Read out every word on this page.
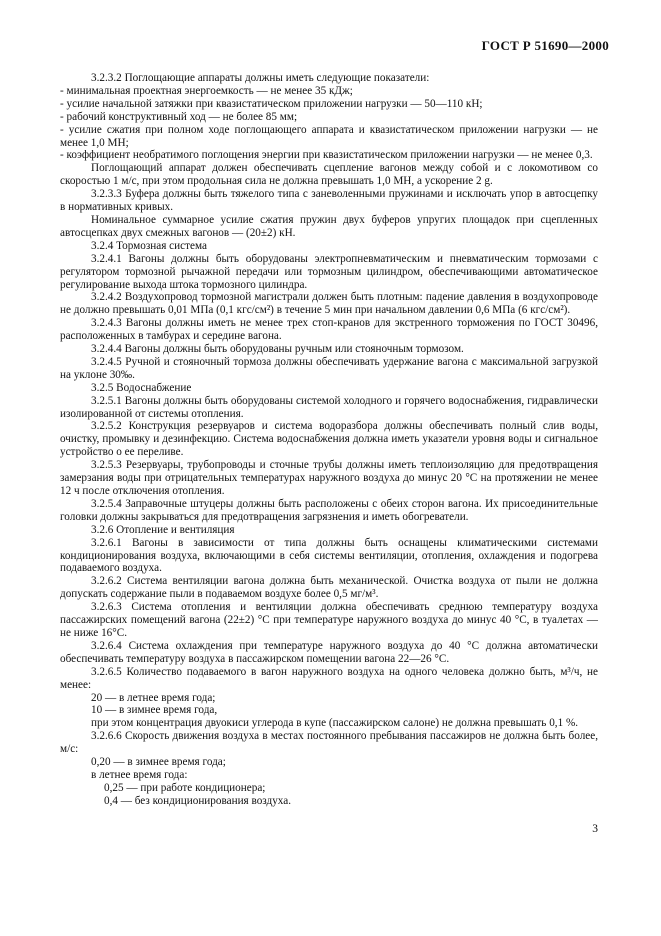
ГОСТ Р 51690—2000

3.2.3.2 Поглощающие аппараты должны иметь следующие показатели:

- минимальная проектная энергоемкость — не менее 35 кДж;

- усилие начальной затяжки при квазистатическом приложении нагрузки — 50—110 кН;

- рабочий конструктивный ход — не более 85 мм;

- усилие сжатия при полном ходе поглощающего аппарата и квазистатическом приложении нагрузки — не менее 1,0 МН;

- коэффициент необратимого поглощения энергии при квазистатическом приложении нагрузки — не менее 0,3.

Поглощающий аппарат должен обеспечивать сцепление вагонов между собой и с локомотивом со скоростью 1 м/с, при этом продольная сила не должна превышать 1,0 МН, а ускорение 2 g.

3.2.3.3 Буфера должны быть тяжелого типа с заневоленными пружинами и исключать упор в автосцепку в нормативных кривых.

Номинальное суммарное усилие сжатия пружин двух буферов упругих площадок при сцепленных автосцепках двух смежных вагонов — (20±2) кН.

3.2.4 Тормозная система

3.2.4.1 Вагоны должны быть оборудованы электропневматическим и пневматическим тормозами с регулятором тормозной рычажной передачи или тормозным цилиндром, обеспечивающими автоматическое регулирование выхода штока тормозного цилиндра.

3.2.4.2 Воздухопровод тормозной магистрали должен быть плотным: падение давления в воздухопроводе не должно превышать 0,01 МПа (0,1 кгс/см²) в течение 5 мин при начальном давлении 0,6 МПа (6 кгс/см²).

3.2.4.3 Вагоны должны иметь не менее трех стоп-кранов для экстренного торможения по ГОСТ 30496, расположенных в тамбурах и середине вагона.

3.2.4.4 Вагоны должны быть оборудованы ручным или стояночным тормозом.

3.2.4.5 Ручной и стояночный тормоза должны обеспечивать удержание вагона с максимальной загрузкой на уклоне 30‰.

3.2.5 Водоснабжение

3.2.5.1 Вагоны должны быть оборудованы системой холодного и горячего водоснабжения, гидравлически изолированной от системы отопления.

3.2.5.2 Конструкция резервуаров и система водоразбора должны обеспечивать полный слив воды, очистку, промывку и дезинфекцию. Система водоснабжения должна иметь указатели уровня воды и сигнальное устройство о ее переливе.

3.2.5.3 Резервуары, трубопроводы и сточные трубы должны иметь теплоизоляцию для предотвращения замерзания воды при отрицательных температурах наружного воздуха до минус 20 °С на протяжении не менее 12 ч после отключения отопления.

3.2.5.4 Заправочные штуцеры должны быть расположены с обеих сторон вагона. Их присоединительные головки должны закрываться для предотвращения загрязнения и иметь обогреватели.

3.2.6 Отопление и вентиляция

3.2.6.1 Вагоны в зависимости от типа должны быть оснащены климатическими системами кондиционирования воздуха, включающими в себя системы вентиляции, отопления, охлаждения и подогрева подаваемого воздуха.

3.2.6.2 Система вентиляции вагона должна быть механической. Очистка воздуха от пыли не должна допускать содержание пыли в подаваемом воздухе более 0,5 мг/м³.

3.2.6.3 Система отопления и вентиляции должна обеспечивать среднюю температуру воздуха пассажирских помещений вагона (22±2) °С при температуре наружного воздуха до минус 40 °С, в туалетах — не ниже 16°С.

3.2.6.4 Система охлаждения при температуре наружного воздуха до 40 °С должна автоматически обеспечивать температуру воздуха в пассажирском помещении вагона 22—26 °С.

3.2.6.5 Количество подаваемого в вагон наружного воздуха на одного человека должно быть, м³/ч, не менее:

20 — в летнее время года;

10 — в зимнее время года,

при этом концентрация двуокиси углерода в купе (пассажирском салоне) не должна превышать 0,1 %.

3.2.6.6 Скорость движения воздуха в местах постоянного пребывания пассажиров не должна быть более, м/с:

0,20 — в зимнее время года;

в летнее время года:

0,25 — при работе кондиционера;

0,4 — без кондиционирования воздуха.

3
